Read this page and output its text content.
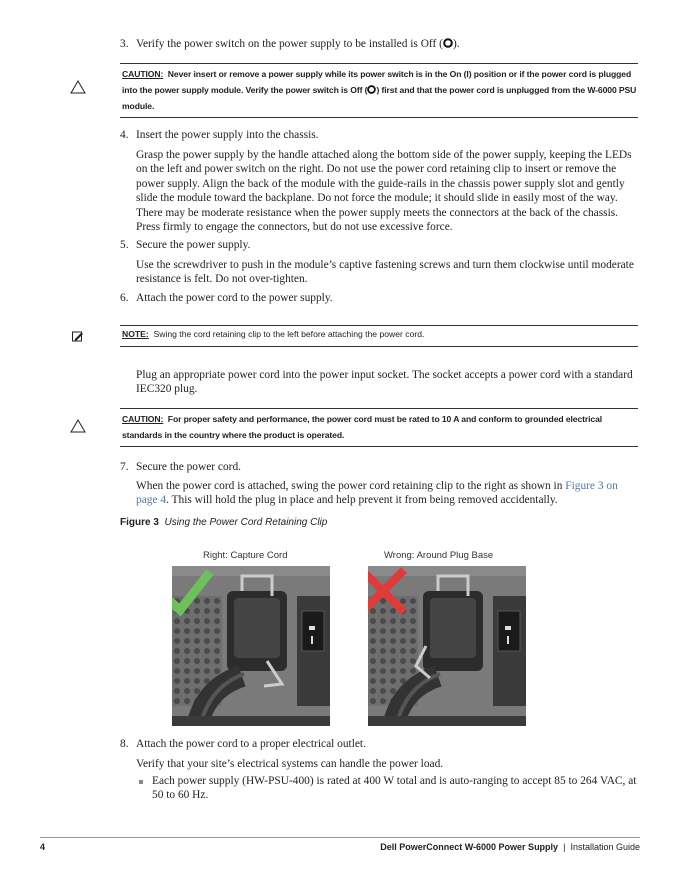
3. Verify the power switch on the power supply to be installed is Off ( ).
CAUTION: Never insert or remove a power supply while its power switch is in the On (I) position or if the power cord is plugged into the power supply module. Verify the power switch is Off ( ) first and that the power cord is unplugged from the W-6000 PSU module.
4. Insert the power supply into the chassis.
Grasp the power supply by the handle attached along the bottom side of the power supply, keeping the LEDs on the left and power switch on the right. Do not use the power cord retaining clip to insert or remove the power supply. Align the back of the module with the guide-rails in the chassis power supply slot and gently slide the module toward the backplane. Do not force the module; it should slide in easily most of the way. There may be moderate resistance when the power supply meets the connectors at the back of the chassis. Press firmly to engage the connectors, but do not use excessive force.
5. Secure the power supply.
Use the screwdriver to push in the module’s captive fastening screws and turn them clockwise until moderate resistance is felt. Do not over-tighten.
6. Attach the power cord to the power supply.
NOTE: Swing the cord retaining clip to the left before attaching the power cord.
Plug an appropriate power cord into the power input socket. The socket accepts a power cord with a standard IEC320 plug.
CAUTION: For proper safety and performance, the power cord must be rated to 10 A and conform to grounded electrical standards in the country where the product is operated.
7. Secure the power cord.
When the power cord is attached, swing the power cord retaining clip to the right as shown in Figure 3 on page 4. This will hold the plug in place and help prevent it from being removed accidentally.
Figure 3 Using the Power Cord Retaining Clip
Right: Capture Cord	Wrong: Around Plug Base
8. Attach the power cord to a proper electrical outlet.
Verify that your site’s electrical systems can handle the power load.
Each power supply (HW-PSU-400) is rated at 400 W total and is auto-ranging to accept 85 to 264 VAC, at 50 to 60 Hz.
4	Dell PowerConnect W-6000 Power Supply | Installation Guide
